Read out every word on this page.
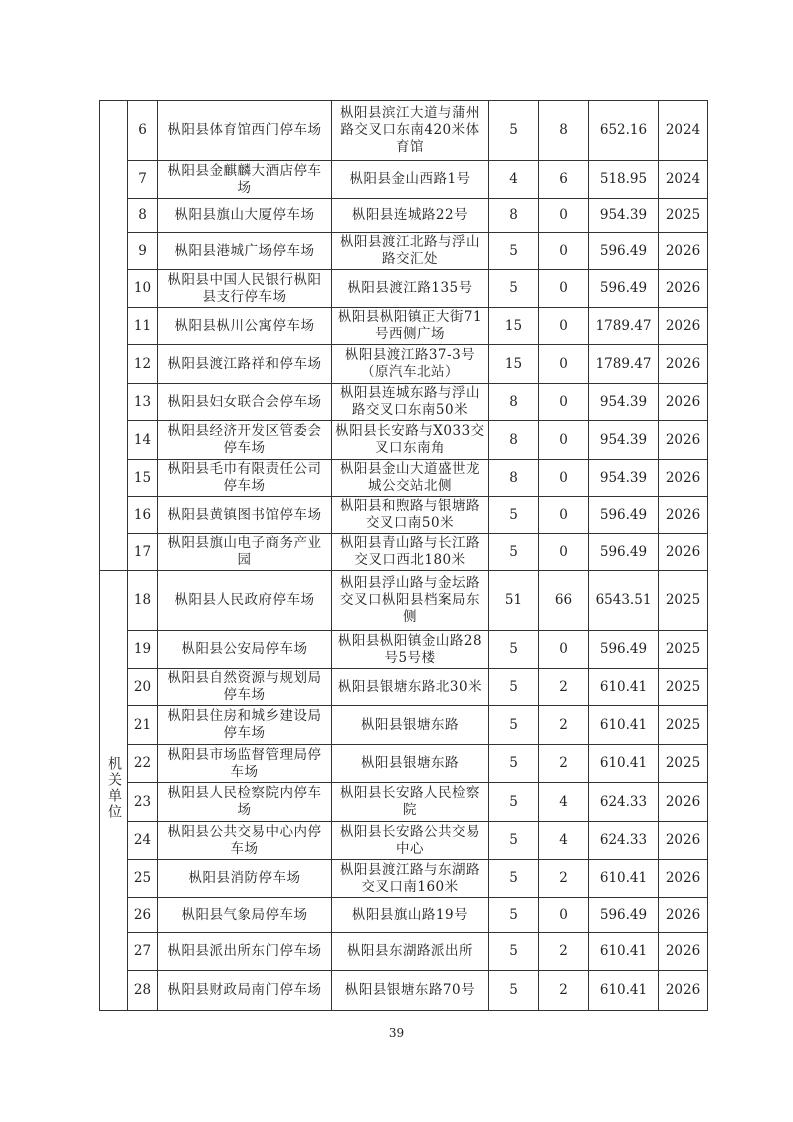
	6	枞阳县体育馆西门停车场	枞阳县滨江大道与蒲州路交叉口东南420米体育馆	5	8	652.16	2024
	7	枞阳县金麒麟大酒店停车场	枞阳县金山西路1号	4	6	518.95	2024
	8	枞阳县旗山大厦停车场	枞阳县连城路22号	8	0	954.39	2025
	9	枞阳县港城广场停车场	枞阳县渡江北路与浮山路交汇处	5	0	596.49	2026
	10	枞阳县中国人民银行枞阳县支行停车场	枞阳县渡江路135号	5	0	596.49	2026
	11	枞阳县枞川公寓停车场	枞阳县枞阳镇正大街71号西侧广场	15	0	1789.47	2026
	12	枞阳县渡江路祥和停车场	枞阳县渡江路37-3号（原汽车北站）	15	0	1789.47	2026
	13	枞阳县妇女联合会停车场	枞阳县连城东路与浮山路交叉口东南50米	8	0	954.39	2026
	14	枞阳县经济开发区管委会停车场	枞阳县长安路与X033交叉口东南角	8	0	954.39	2026
	15	枞阳县毛巾有限责任公司停车场	枞阳县金山大道盛世龙城公交站北侧	8	0	954.39	2026
	16	枞阳县黄镇图书馆停车场	枞阳县和煦路与银塘路交叉口南50米	5	0	596.49	2026
	17	枞阳县旗山电子商务产业园	枞阳县青山路与长江路交叉口西北180米	5	0	596.49	2026
机关单位	18	枞阳县人民政府停车场	枞阳县浮山路与金坛路交叉口枞阳县档案局东侧	51	66	6543.51	2025
	19	枞阳县公安局停车场	枞阳县枞阳镇金山路28号5号楼	5	0	596.49	2025
	20	枞阳县自然资源与规划局停车场	枞阳县银塘东路北30米	5	2	610.41	2025
	21	枞阳县住房和城乡建设局停车场	枞阳县银塘东路	5	2	610.41	2025
	22	枞阳县市场监督管理局停车场	枞阳县银塘东路	5	2	610.41	2025
	23	枞阳县人民检察院内停车场	枞阳县长安路人民检察院	5	4	624.33	2026
	24	枞阳县公共交易中心内停车场	枞阳县长安路公共交易中心	5	4	624.33	2026
	25	枞阳县消防停车场	枞阳县渡江路与东湖路交叉口南160米	5	2	610.41	2026
	26	枞阳县气象局停车场	枞阳县旗山路19号	5	0	596.49	2026
	27	枞阳县派出所东门停车场	枞阳县东湖路派出所	5	2	610.41	2026
	28	枞阳县财政局南门停车场	枞阳县银塘东路70号	5	2	610.41	2026
39
